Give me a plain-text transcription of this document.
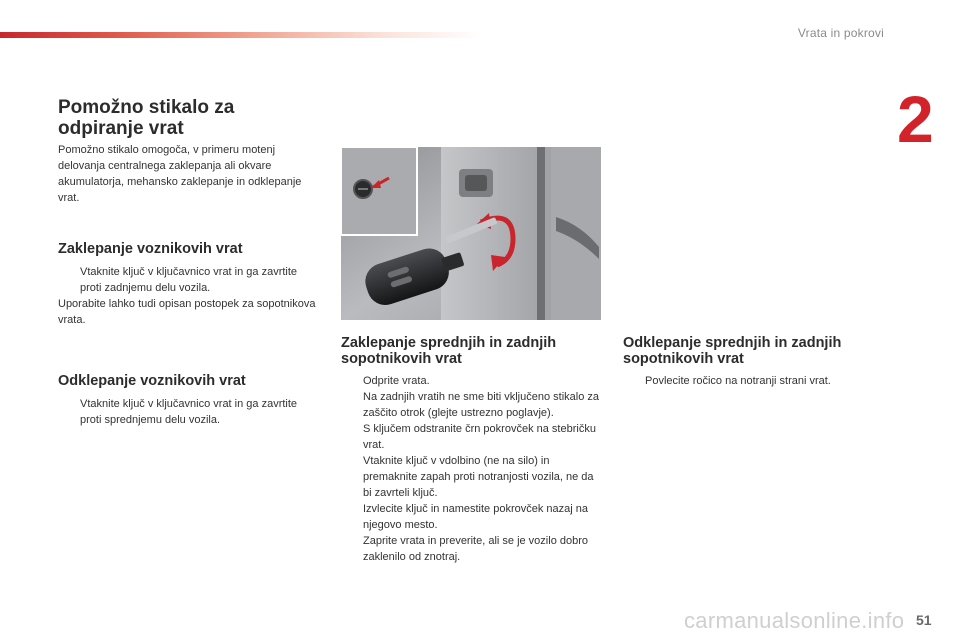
Vrata in pokrovi
2
Pomožno stikalo za odpiranje vrat

Pomožno stikalo omogoča, v primeru motenj delovanja centralnega zaklepanja ali okvare akumulatorja, mehansko zaklepanje in odklepanje vrat.

Zaklepanje voznikovih vrat
Vtaknite ključ v ključavnico vrat in ga zavrtite proti zadnjemu delu vozila.

Uporabite lahko tudi opisan postopek za sopotnikova vrata.

Odklepanje voznikovih vrat
Vtaknite ključ v ključavnico vrat in ga zavrtite proti sprednjemu delu vozila.
Zaklepanje sprednjih in zadnjih sopotnikovih vrat
Odprite vrata.
Na zadnjih vratih ne sme biti vključeno stikalo za zaščito otrok (glejte ustrezno poglavje).
S ključem odstranite črn pokrovček na stebričku vrat.
Vtaknite ključ v vdolbino (ne na silo) in premaknite zapah proti notranjosti vozila, ne da bi zavrteli ključ.
Izvlecite ključ in namestite pokrovček nazaj na njegovo mesto.
Zaprite vrata in preverite, ali se je vozilo dobro zaklenilo od znotraj.
Odklepanje sprednjih in zadnjih sopotnikovih vrat
Povlecite ročico na notranji strani vrat.
carmanualsonline.info 51
